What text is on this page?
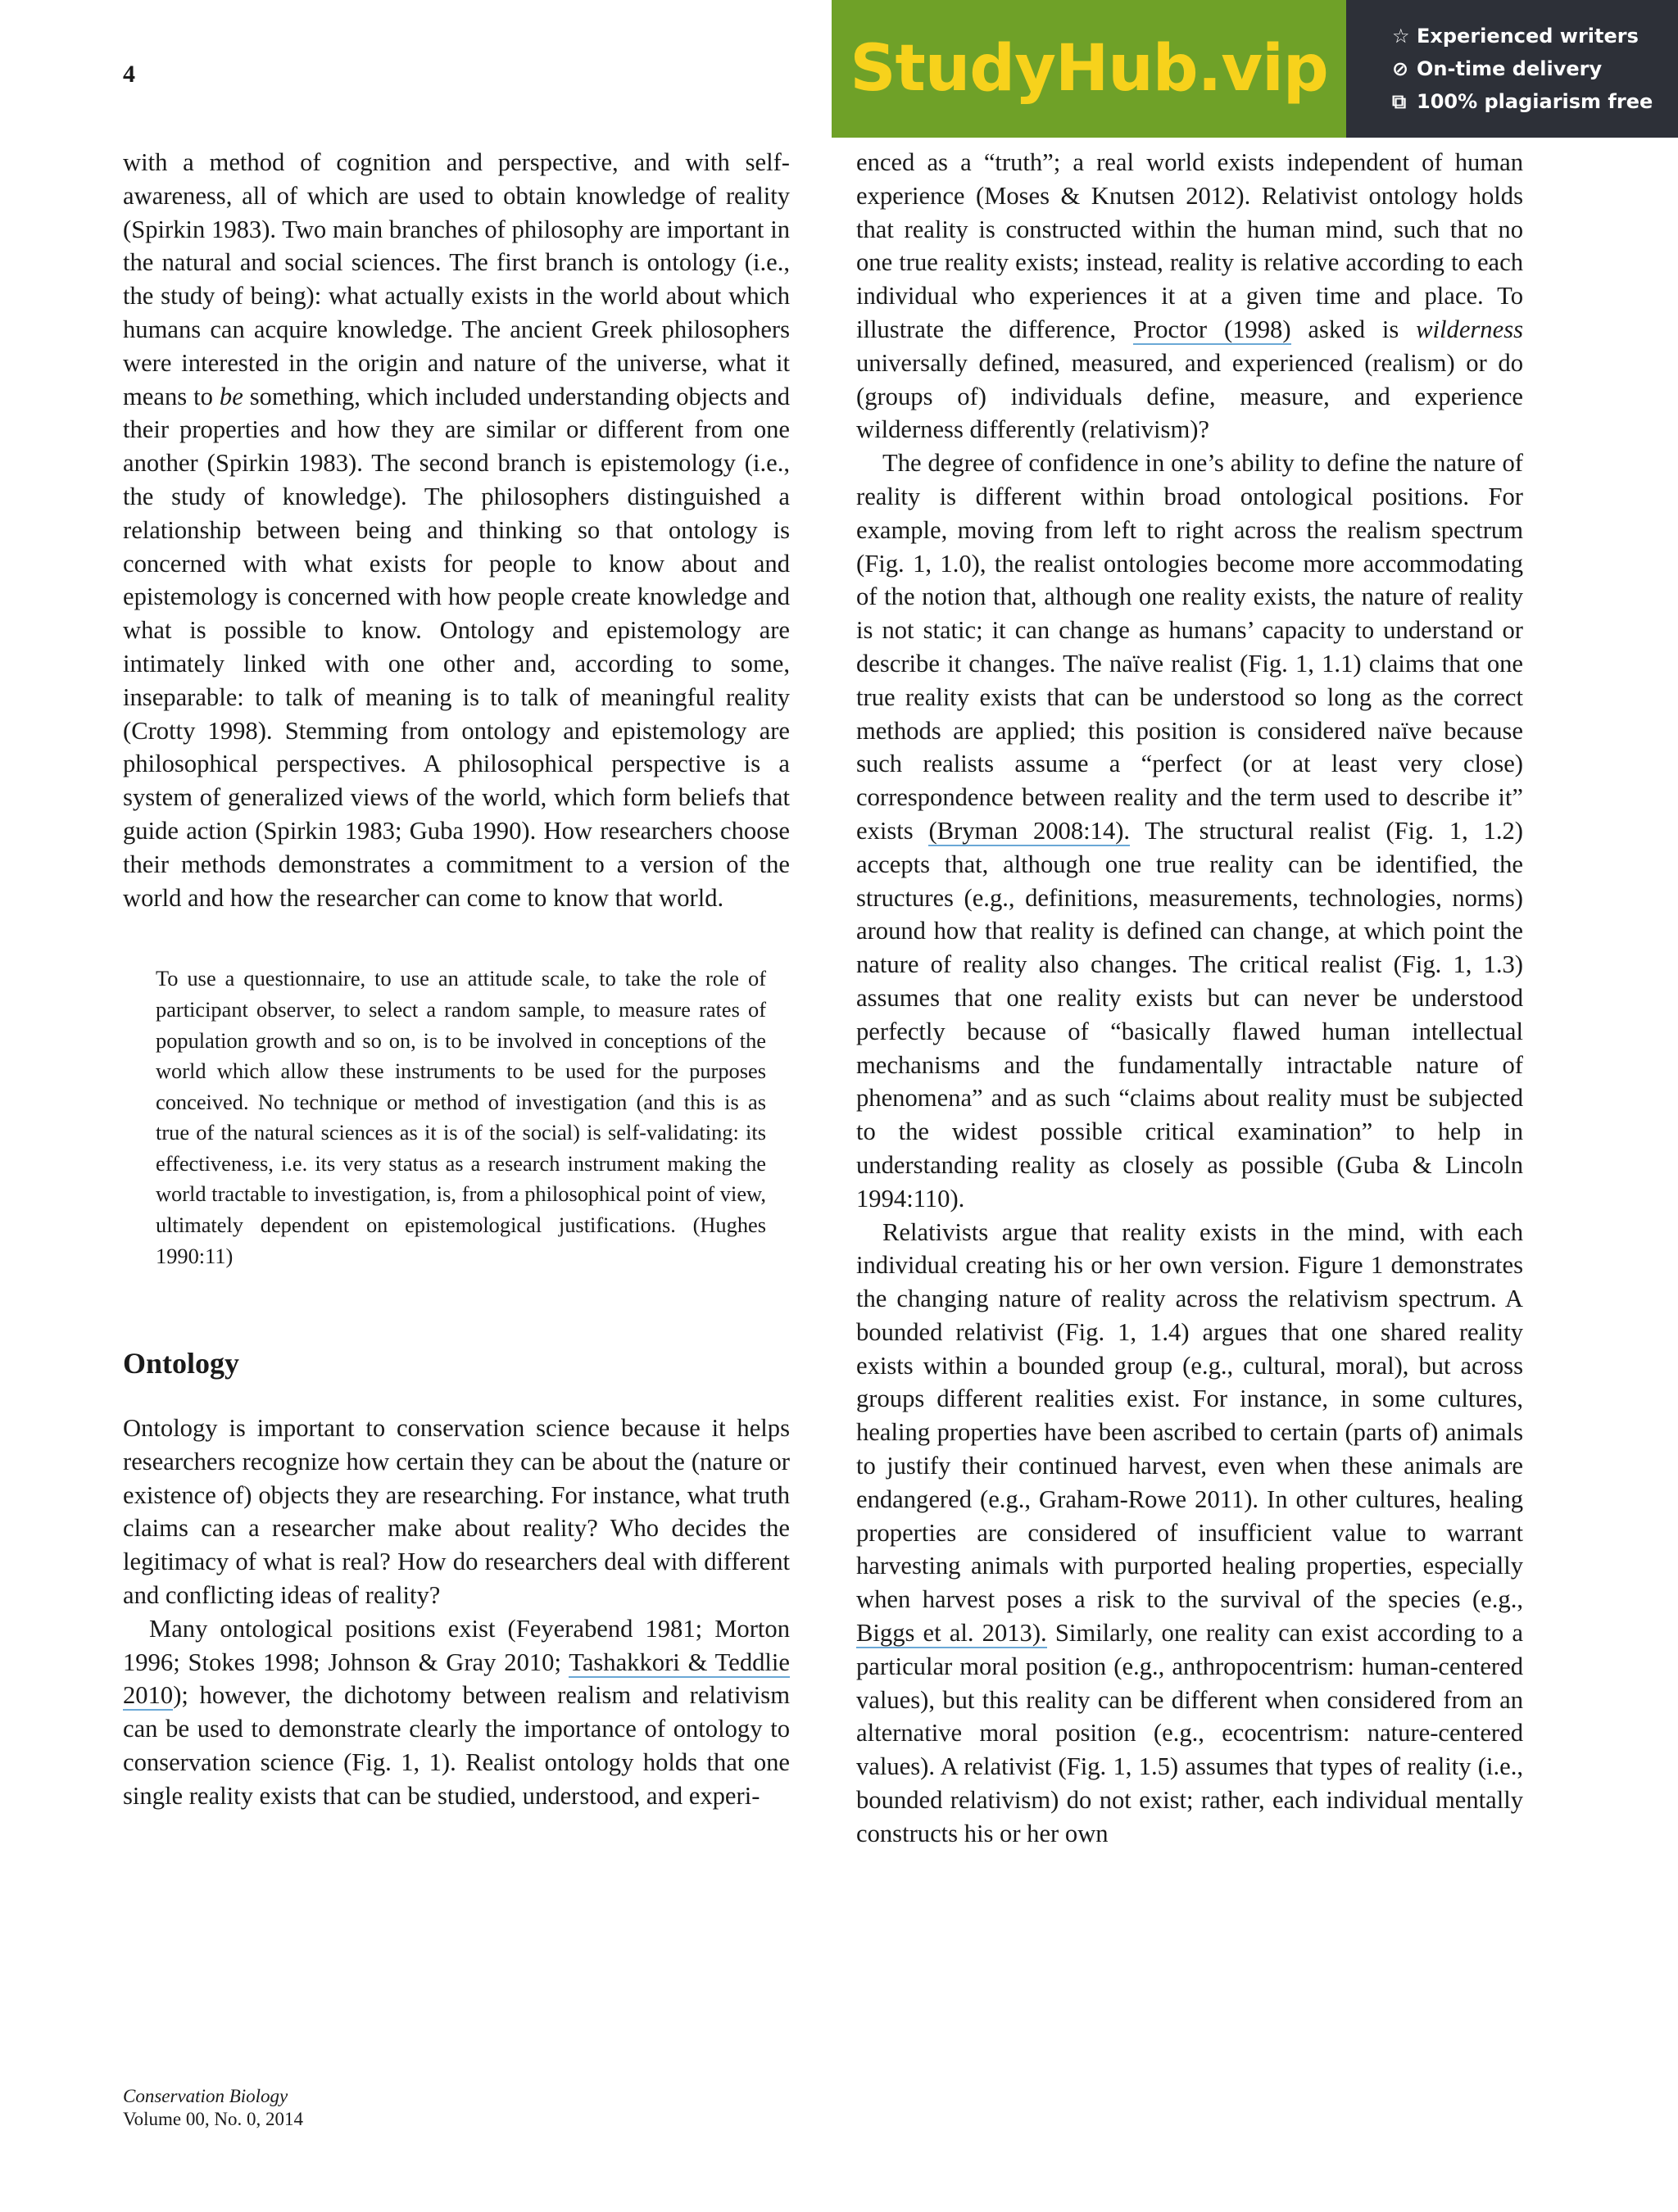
4	StudyHub.vip	☆ Experienced writers
⊘ On-time delivery
⧉ 100% plagiarism free

with a method of cognition and perspective, and with self-awareness, all of which are used to obtain knowledge of reality (Spirkin 1983). Two main branches of philosophy are important in the natural and social sciences. The first branch is ontology (i.e., the study of being): what actually exists in the world about which humans can acquire knowledge. The ancient Greek philosophers were interested in the origin and nature of the universe, what it means to be something, which included understanding objects and their properties and how they are similar or different from one another (Spirkin 1983). The second branch is epistemology (i.e., the study of knowledge). The philosophers distinguished a relationship between being and thinking so that ontology is concerned with what exists for people to know about and epistemology is concerned with how people create knowledge and what is possible to know. Ontology and epistemology are intimately linked with one other and, according to some, inseparable: to talk of meaning is to talk of meaningful reality (Crotty 1998). Stemming from ontology and epistemology are philosophical perspectives. A philosophical perspective is a system of generalized views of the world, which form beliefs that guide action (Spirkin 1983; Guba 1990). How researchers choose their methods demonstrates a commitment to a version of the world and how the researcher can come to know that world.

To use a questionnaire, to use an attitude scale, to take the role of participant observer, to select a random sample, to measure rates of population growth and so on, is to be involved in conceptions of the world which allow these instruments to be used for the purposes conceived. No technique or method of investigation (and this is as true of the natural sciences as it is of the social) is self-validating: its effectiveness, i.e. its very status as a research instrument making the world tractable to investigation, is, from a philosophical point of view, ultimately dependent on epistemological justifications. (Hughes 1990:11)
Ontology

Ontology is important to conservation science because it helps researchers recognize how certain they can be about the (nature or existence of) objects they are researching. For instance, what truth claims can a researcher make about reality? Who decides the legitimacy of what is real? How do researchers deal with different and conflicting ideas of reality?

Many ontological positions exist (Feyerabend 1981; Morton 1996; Stokes 1998; Johnson & Gray 2010; Tashakkori & Teddlie 2010); however, the dichotomy between realism and relativism can be used to demonstrate clearly the importance of ontology to conservation science (Fig. 1, 1). Realist ontology holds that one single reality exists that can be studied, understood, and experi-

enced as a “truth”; a real world exists independent of human experience (Moses & Knutsen 2012). Relativist ontology holds that reality is constructed within the human mind, such that no one true reality exists; instead, reality is relative according to each individual who experiences it at a given time and place. To illustrate the difference, Proctor (1998) asked is wilderness universally defined, measured, and experienced (realism) or do (groups of) individuals define, measure, and experience wilderness differently (relativism)?

The degree of confidence in one’s ability to define the nature of reality is different within broad ontological positions. For example, moving from left to right across the realism spectrum (Fig. 1, 1.0), the realist ontologies become more accommodating of the notion that, although one reality exists, the nature of reality is not static; it can change as humans’ capacity to understand or describe it changes. The naïve realist (Fig. 1, 1.1) claims that one true reality exists that can be understood so long as the correct methods are applied; this position is considered naïve because such realists assume a “perfect (or at least very close) correspondence between reality and the term used to describe it” exists (Bryman 2008:14). The structural realist (Fig. 1, 1.2) accepts that, although one true reality can be identified, the structures (e.g., definitions, measurements, technologies, norms) around how that reality is defined can change, at which point the nature of reality also changes. The critical realist (Fig. 1, 1.3) assumes that one reality exists but can never be understood perfectly because of “basically flawed human intellectual mechanisms and the fundamentally intractable nature of phenomena” and as such “claims about reality must be subjected to the widest possible critical examination” to help in understanding reality as closely as possible (Guba & Lincoln 1994:110).

Relativists argue that reality exists in the mind, with each individual creating his or her own version. Figure 1 demonstrates the changing nature of reality across the relativism spectrum. A bounded relativist (Fig. 1, 1.4) argues that one shared reality exists within a bounded group (e.g., cultural, moral), but across groups different realities exist. For instance, in some cultures, healing properties have been ascribed to certain (parts of) animals to justify their continued harvest, even when these animals are endangered (e.g., Graham-Rowe 2011). In other cultures, healing properties are considered of insufficient value to warrant harvesting animals with purported healing properties, especially when harvest poses a risk to the survival of the species (e.g., Biggs et al. 2013). Similarly, one reality can exist according to a particular moral position (e.g., anthropocentrism: human-centered values), but this reality can be different when considered from an alternative moral position (e.g., ecocentrism: nature-centered values). A relativist (Fig. 1, 1.5) assumes that types of reality (i.e., bounded relativism) do not exist; rather, each individual mentally constructs his or her own

Conservation Biology
Volume 00, No. 0, 2014
